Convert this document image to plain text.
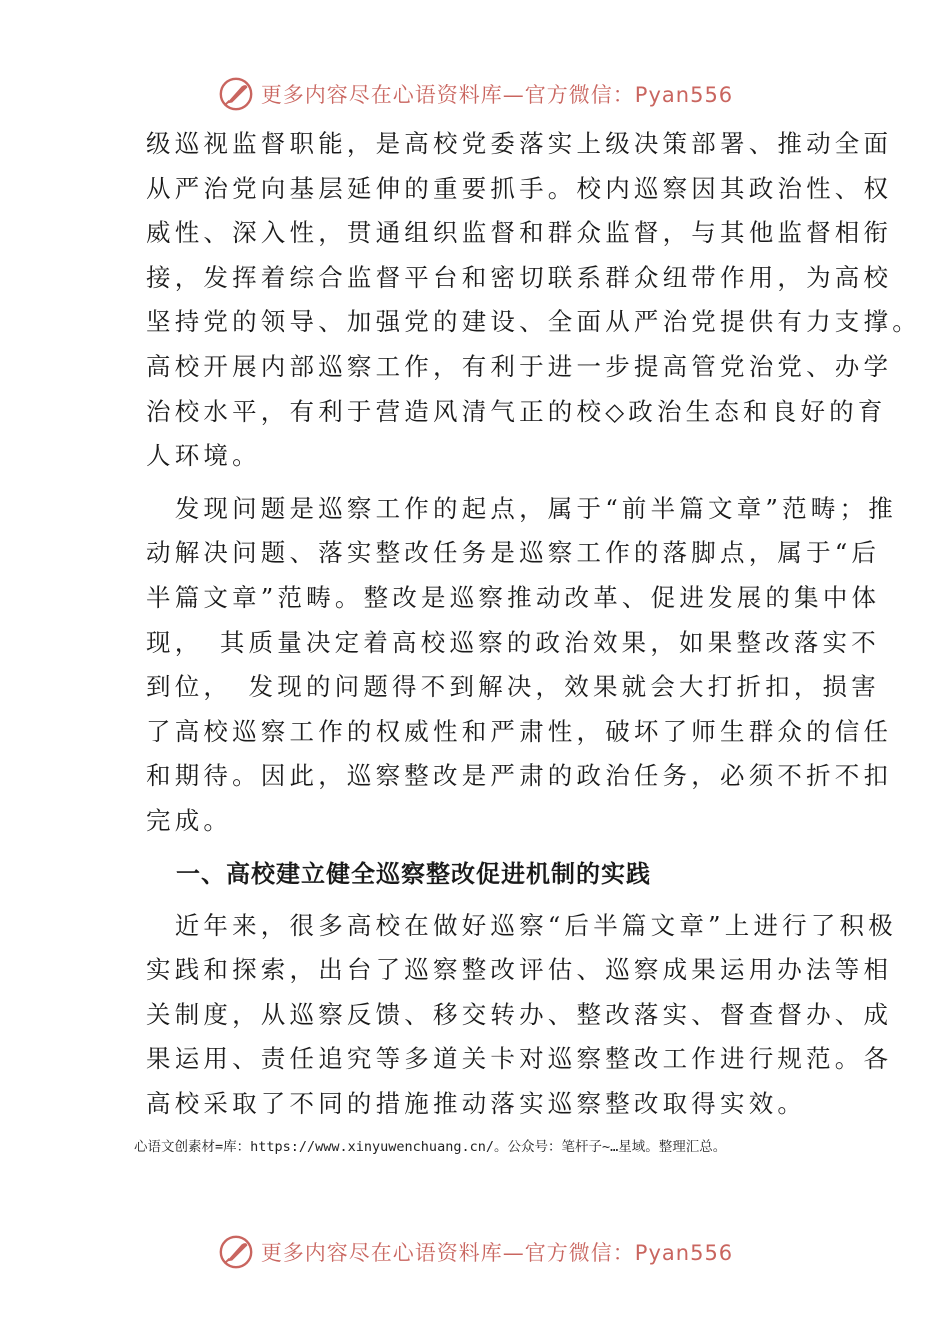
更多内容尽在心语资料库—官方微信：Pyan556
级巡视监督职能，是高校党委落实上级决策部署、推动全面
从严治党向基层延伸的重要抓手。校内巡察因其政治性、权
威性、深入性，贯通组织监督和群众监督，与其他监督相衔
接，发挥着综合监督平台和密切联系群众纽带作用，为高校
坚持党的领导、加强党的建设、全面从严治党提供有力支撑。
高校开展内部巡察工作，有利于进一步提高管党治党、办学
治校水平，有利于营造风清气正的校◇政治生态和良好的育
人环境。
　发现问题是巡察工作的起点，属于“前半篇文章”范畴；推
动解决问题、落实整改任务是巡察工作的落脚点，属于“后
半篇文章”范畴。整改是巡察推动改革、促进发展的集中体
现，　其质量决定着高校巡察的政治效果，如果整改落实不
到位，　发现的问题得不到解决，效果就会大打折扣，损害
了高校巡察工作的权威性和严肃性，破坏了师生群众的信任
和期待。因此，巡察整改是严肃的政治任务，必须不折不扣
完成。
一、高校建立健全巡察整改促进机制的实践
　近年来，很多高校在做好巡察“后半篇文章”上进行了积极
实践和探索，出台了巡察整改评估、巡察成果运用办法等相
关制度，从巡察反馈、移交转办、整改落实、督查督办、成
果运用、责任追究等多道关卡对巡察整改工作进行规范。各
高校采取了不同的措施推动落实巡察整改取得实效。
心语文创素材=库：https://www.xinyuwenchuang.cn/。公众号：笔杆子~…星域。整理汇总。
更多内容尽在心语资料库—官方微信：Pyan556
